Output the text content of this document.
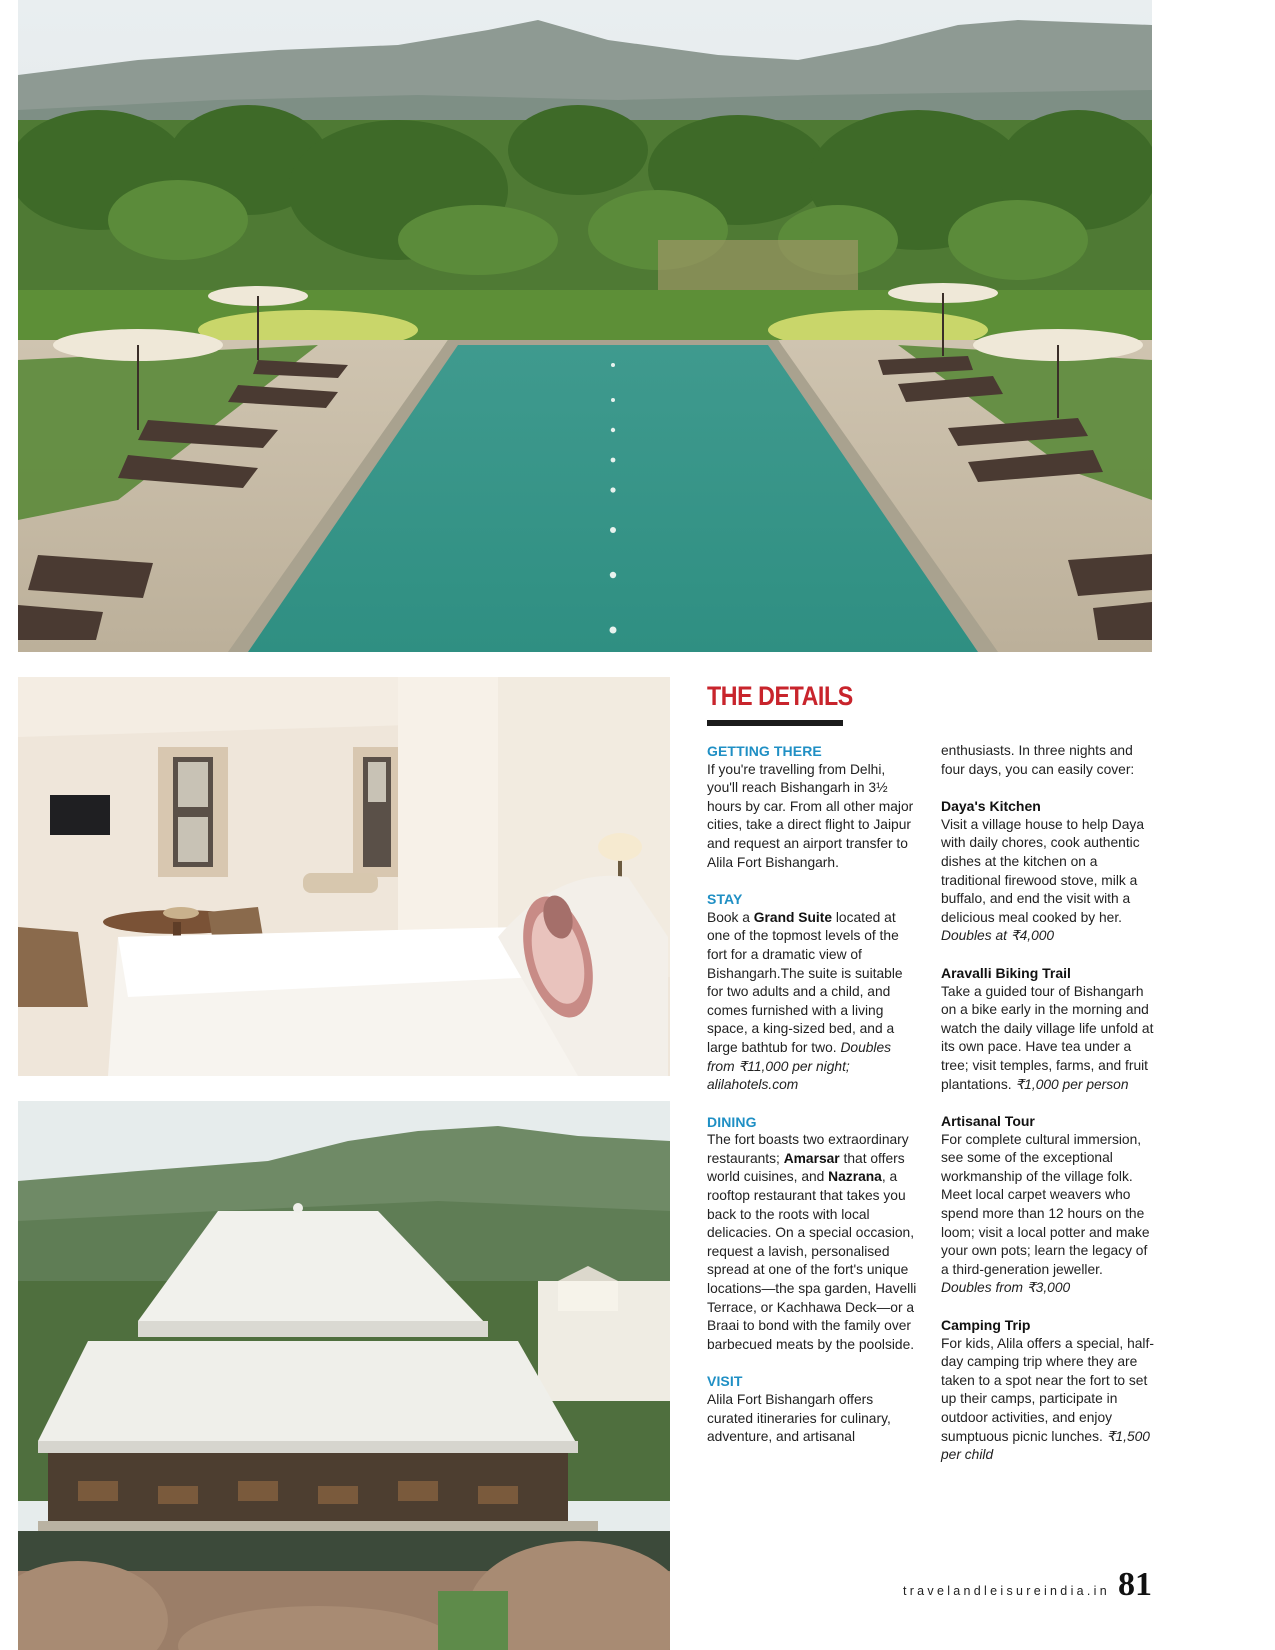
THE DETAILS
GETTING THERE

If you're travelling from Delhi, you'll reach Bishangarh in 3½ hours by car. From all other major cities, take a direct flight to Jaipur and request an airport transfer to Alila Fort Bishangarh.

STAY

Book a Grand Suite located at one of the topmost levels of the fort for a dramatic view of Bishangarh.The suite is suitable for two adults and a child, and comes furnished with a living space, a king-sized bed, and a large bathtub for two. Doubles from ₹11,000 per night; alilahotels.com

DINING

The fort boasts two extraordinary restaurants; Amarsar that offers world cuisines, and Nazrana, a rooftop restaurant that takes you back to the roots with local delicacies. On a special occasion, request a lavish, personalised spread at one of the fort's unique locations—the spa garden, Havelli Terrace, or Kachhawa Deck—or a Braai to bond with the family over barbecued meats by the poolside.

VISIT

Alila Fort Bishangarh offers curated itineraries for culinary, adventure, and artisanal

enthusiasts. In three nights and four days, you can easily cover:

Daya's Kitchen

Visit a village house to help Daya with daily chores, cook authentic dishes at the kitchen on a traditional firewood stove, milk a buffalo, and end the visit with a delicious meal cooked by her. Doubles at ₹4,000

Aravalli Biking Trail

Take a guided tour of Bishangarh on a bike early in the morning and watch the daily village life unfold at its own pace. Have tea under a tree; visit temples, farms, and fruit plantations. ₹1,000 per person

Artisanal Tour

For complete cultural immersion, see some of the exceptional workmanship of the village folk. Meet local carpet weavers who spend more than 12 hours on the loom; visit a local potter and make your own pots; learn the legacy of a third-generation jeweller. Doubles from ₹3,000

Camping Trip

For kids, Alila offers a special, half-day camping trip where they are taken to a spot near the fort to set up their camps, participate in outdoor activities, and enjoy sumptuous picnic lunches. ₹1,500 per child

travelandleisureindia.in 81
